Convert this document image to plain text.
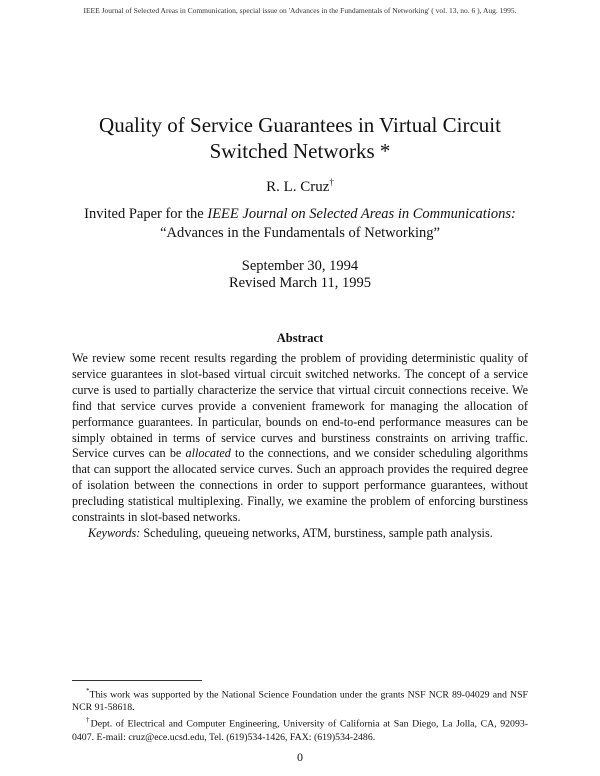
IEEE Journal of Selected Areas in Communication, special issue on 'Advances in the Fundamentals of Networking' ( vol. 13, no. 6 ), Aug. 1995.
Quality of Service Guarantees in Virtual Circuit
Switched Networks *
R. L. Cruz†
Invited Paper for the IEEE Journal on Selected Areas in Communications:
“Advances in the Fundamentals of Networking”
September 30, 1994
Revised March 11, 1995
Abstract
We review some recent results regarding the problem of providing deterministic quality of service guarantees in slot-based virtual circuit switched networks. The concept of a service curve is used to partially characterize the service that virtual circuit connections receive. We find that service curves provide a convenient framework for managing the allocation of performance guarantees. In particular, bounds on end-to-end performance measures can be simply obtained in terms of service curves and burstiness constraints on arriving traffic. Service curves can be allocated to the connections, and we consider scheduling algorithms that can support the allocated service curves. Such an approach provides the required degree of isolation between the connections in order to support performance guarantees, without precluding statistical multiplexing. Finally, we examine the problem of enforcing burstiness constraints in slot-based networks.
Keywords: Scheduling, queueing networks, ATM, burstiness, sample path analysis.

*This work was supported by the National Science Foundation under the grants NSF NCR 89-04029 and NSF NCR 91-58618.

†Dept. of Electrical and Computer Engineering, University of California at San Diego, La Jolla, CA, 92093-0407. E-mail: cruz@ece.ucsd.edu, Tel. (619)534-1426, FAX: (619)534-2486.

0
